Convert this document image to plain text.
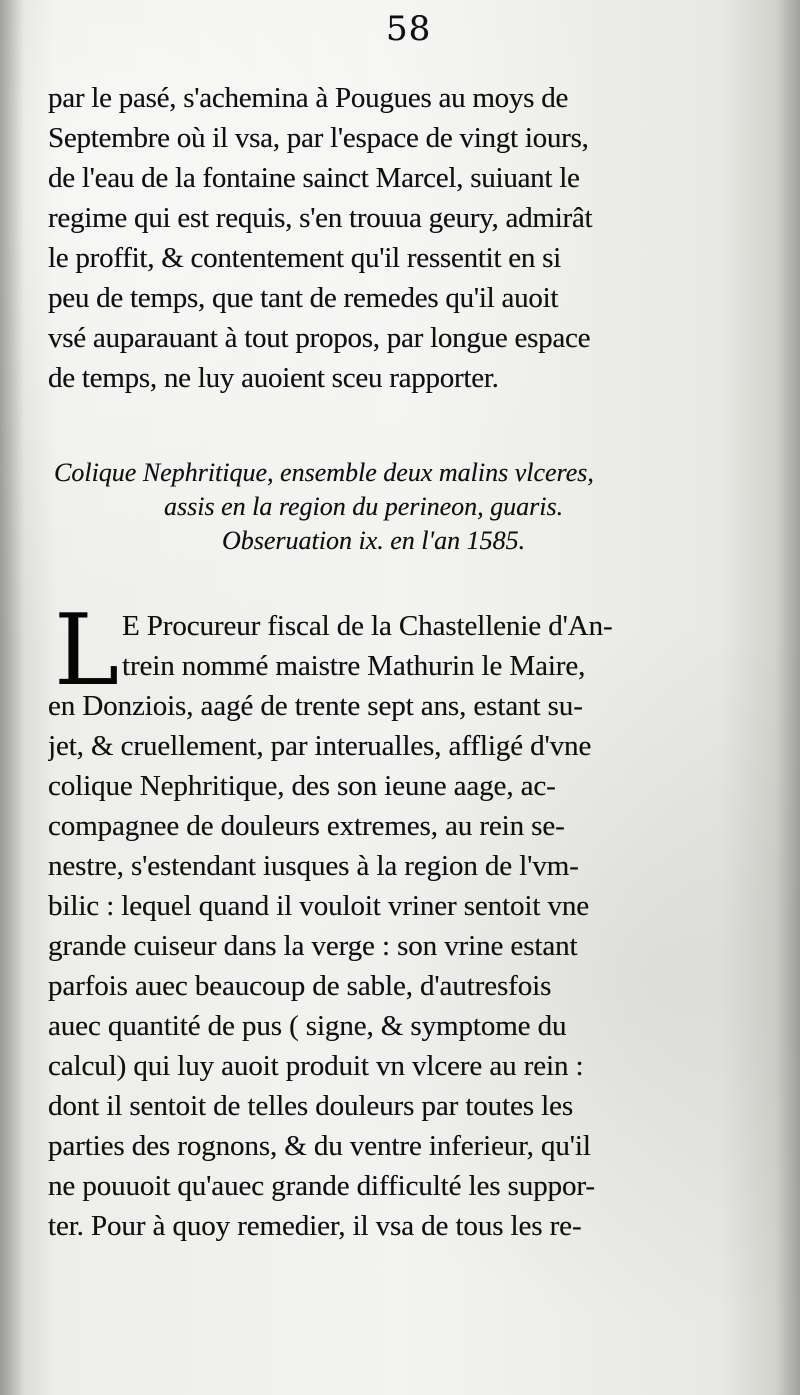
58

par le pasé, s'achemina à Pougues au moys de

Septembre où il vsa, par l'espace de vingt iours,

de l'eau de la fontaine sainct Marcel, suiuant le

regime qui est requis, s'en trouua geury, admirât

le proffit, & contentement qu'il ressentit en si

peu de temps, que tant de remedes qu'il auoit

vsé auparauant à tout propos, par longue espace

de temps, ne luy auoient sceu rapporter.

Colique Nephritique, ensemble deux malins vlceres,
assis en la region du perineon, guaris.
Obseruation ix. en l'an 1585.
L E Procureur fiscal de la Chastellenie d'An-

trein nommé maistre Mathurin le Maire,

en Donziois, aagé de trente sept ans, estant su-

jet, & cruellement, par interualles, affligé d'vne

colique Nephritique, des son ieune aage, ac-

compagnee de douleurs extremes, au rein se-

nestre, s'estendant iusques à la region de l'vm-

bilic : lequel quand il vouloit vriner sentoit vne

grande cuiseur dans la verge : son vrine estant

parfois auec beaucoup de sable, d'autresfois

auec quantité de pus ( signe, & symptome du

calcul) qui luy auoit produit vn vlcere au rein :

dont il sentoit de telles douleurs par toutes les

parties des rognons, & du ventre inferieur, qu'il

ne pouuoit qu'auec grande difficulté les suppor-

ter. Pour à quoy remedier, il vsa de tous les re-
